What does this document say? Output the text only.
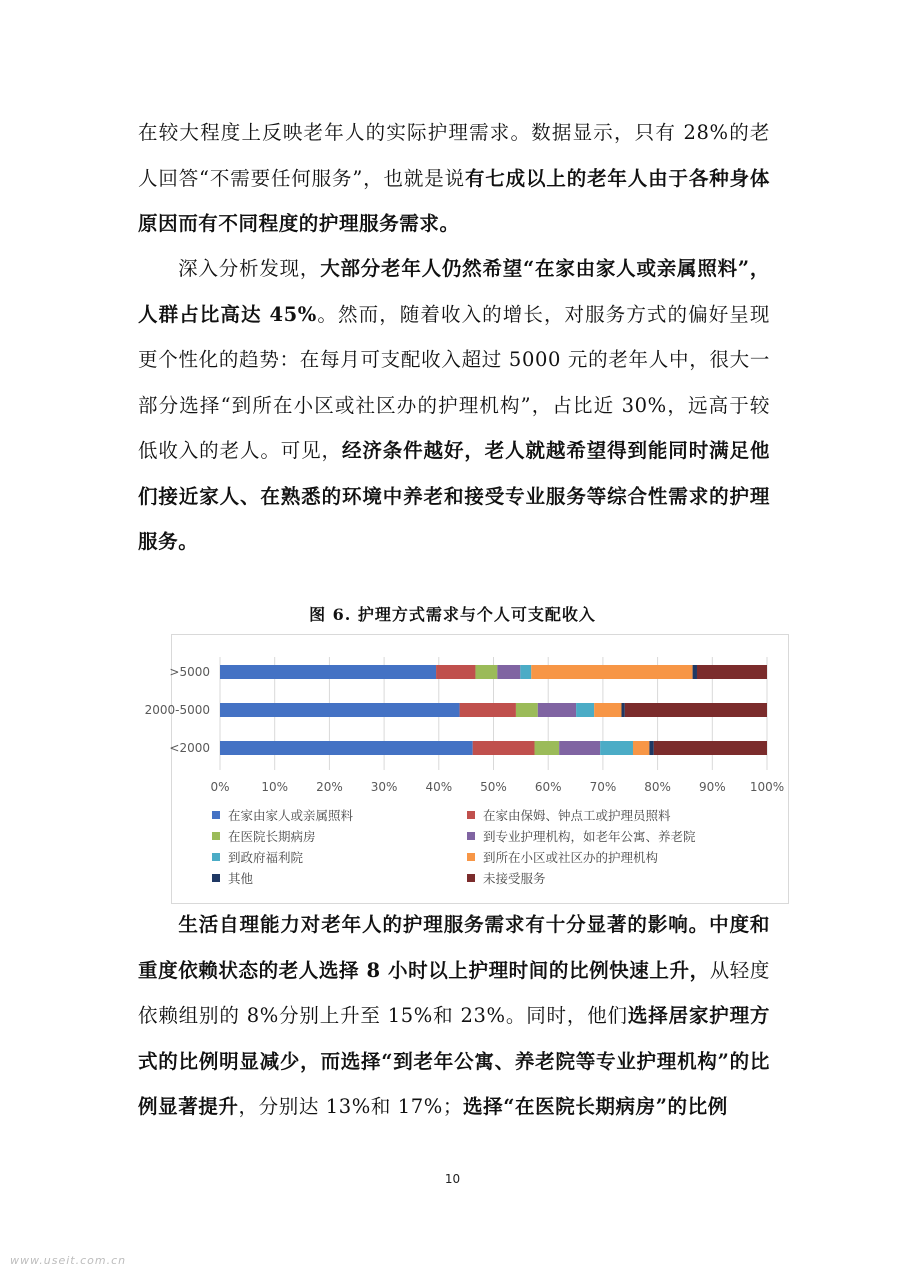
在较大程度上反映老年人的实际护理需求。数据显示，只有 28%的老人回答“不需要任何服务”，也就是说有七成以上的老年人由于各种身体原因而有不同程度的护理服务需求。

深入分析发现，大部分老年人仍然希望“在家由家人或亲属照料”，人群占比高达 45%。然而，随着收入的增长，对服务方式的偏好呈现更个性化的趋势：在每月可支配收入超过 5000 元的老年人中，很大一部分选择“到所在小区或社区办的护理机构”，占比近 30%，远高于较低收入的老人。可见，经济条件越好，老人就越希望得到能同时满足他们接近家人、在熟悉的环境中养老和接受专业服务等综合性需求的护理服务。

图 6. 护理方式需求与个人可支配收入
0%	10% 20% 30% 40% 50% 60% 70% 80% 90% 100%
>5000
2000-5000
<2000
在家由家人或亲属照料	在家由保姆、钟点工或护理员照料
在医院长期病房	到专业护理机构，如老年公寓、养老院
到政府福利院	到所在小区或社区办的护理机构
其他	未接受服务

生活自理能力对老年人的护理服务需求有十分显著的影响。中度和重度依赖状态的老人选择 8 小时以上护理时间的比例快速上升，从轻度依赖组别的 8%分别上升至 15%和 23%。同时，他们选择居家护理方式的比例明显减少，而选择“到老年公寓、养老院等专业护理机构”的比例显著提升，分别达 13%和 17%；选择“在医院长期病房”的比例

10
www.useit.com.cn
